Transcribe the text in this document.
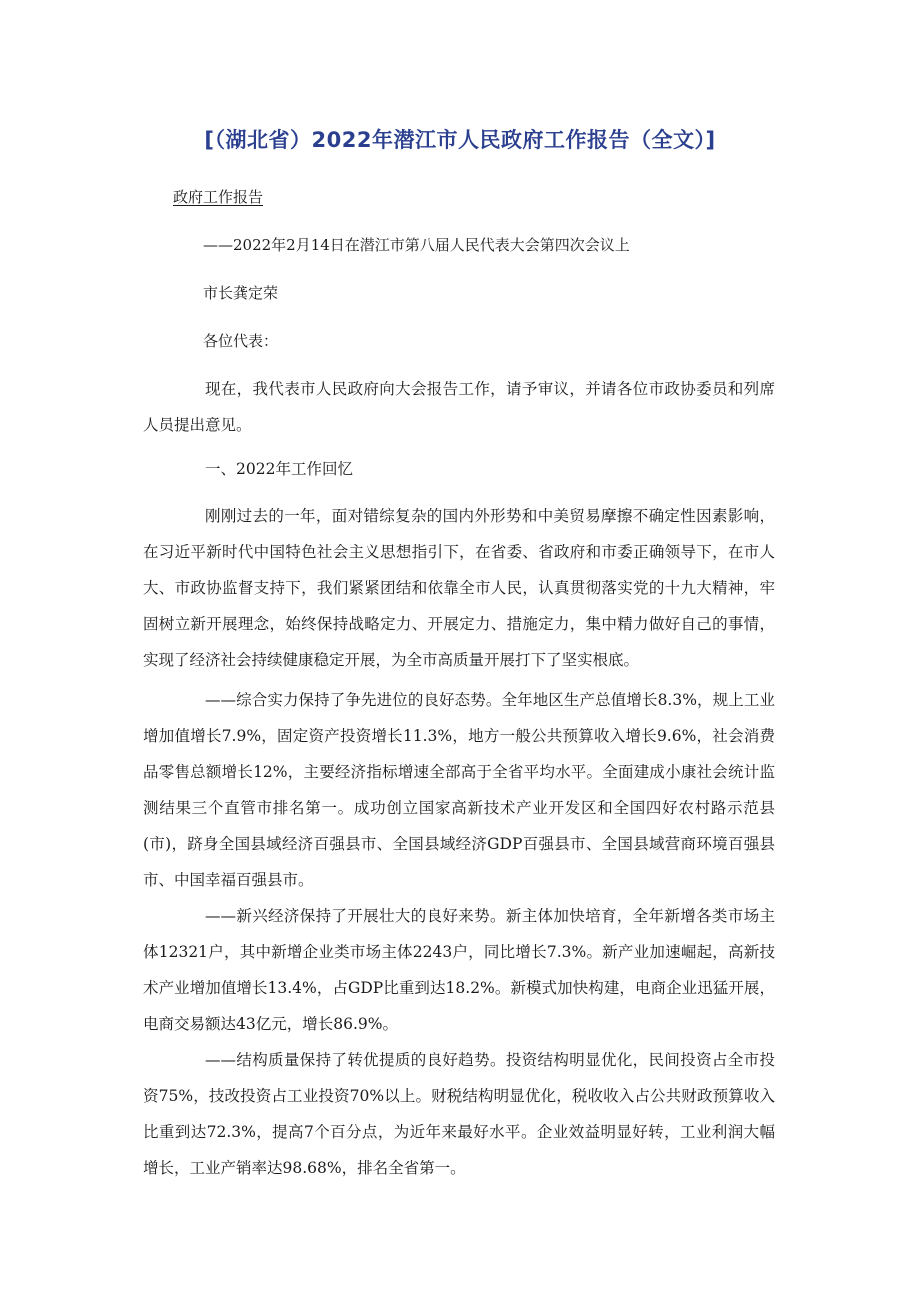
[（湖北省）2022年潜江市人民政府工作报告（全文）]

政府工作报告

——2022年2月14日在潜江市第八届人民代表大会第四次会议上

市长龚定荣

各位代表：

现在，我代表市人民政府向大会报告工作，请予审议，并请各位市政协委员和列席人员提出意见。

一、2022年工作回忆

刚刚过去的一年，面对错综复杂的国内外形势和中美贸易摩擦不确定性因素影响，在习近平新时代中国特色社会主义思想指引下，在省委、省政府和市委正确领导下，在市人大、市政协监督支持下，我们紧紧团结和依靠全市人民，认真贯彻落实党的十九大精神，牢固树立新开展理念，始终保持战略定力、开展定力、措施定力，集中精力做好自己的事情，实现了经济社会持续健康稳定开展，为全市高质量开展打下了坚实根底。

——综合实力保持了争先进位的良好态势。全年地区生产总值增长8.3%，规上工业增加值增长7.9%，固定资产投资增长11.3%，地方一般公共预算收入增长9.6%，社会消费品零售总额增长12%，主要经济指标增速全部高于全省平均水平。全面建成小康社会统计监测结果三个直管市排名第一。成功创立国家高新技术产业开发区和全国四好农村路示范县(市)，跻身全国县域经济百强县市、全国县域经济GDP百强县市、全国县域营商环境百强县市、中国幸福百强县市。

——新兴经济保持了开展壮大的良好来势。新主体加快培育，全年新增各类市场主体12321户，其中新增企业类市场主体2243户，同比增长7.3%。新产业加速崛起，高新技术产业增加值增长13.4%，占GDP比重到达18.2%。新模式加快构建，电商企业迅猛开展，电商交易额达43亿元，增长86.9%。

——结构质量保持了转优提质的良好趋势。投资结构明显优化，民间投资占全市投资75%，技改投资占工业投资70%以上。财税结构明显优化，税收收入占公共财政预算收入比重到达72.3%，提高7个百分点，为近年来最好水平。企业效益明显好转，工业利润大幅增长，工业产销率达98.68%，排名全省第一。
